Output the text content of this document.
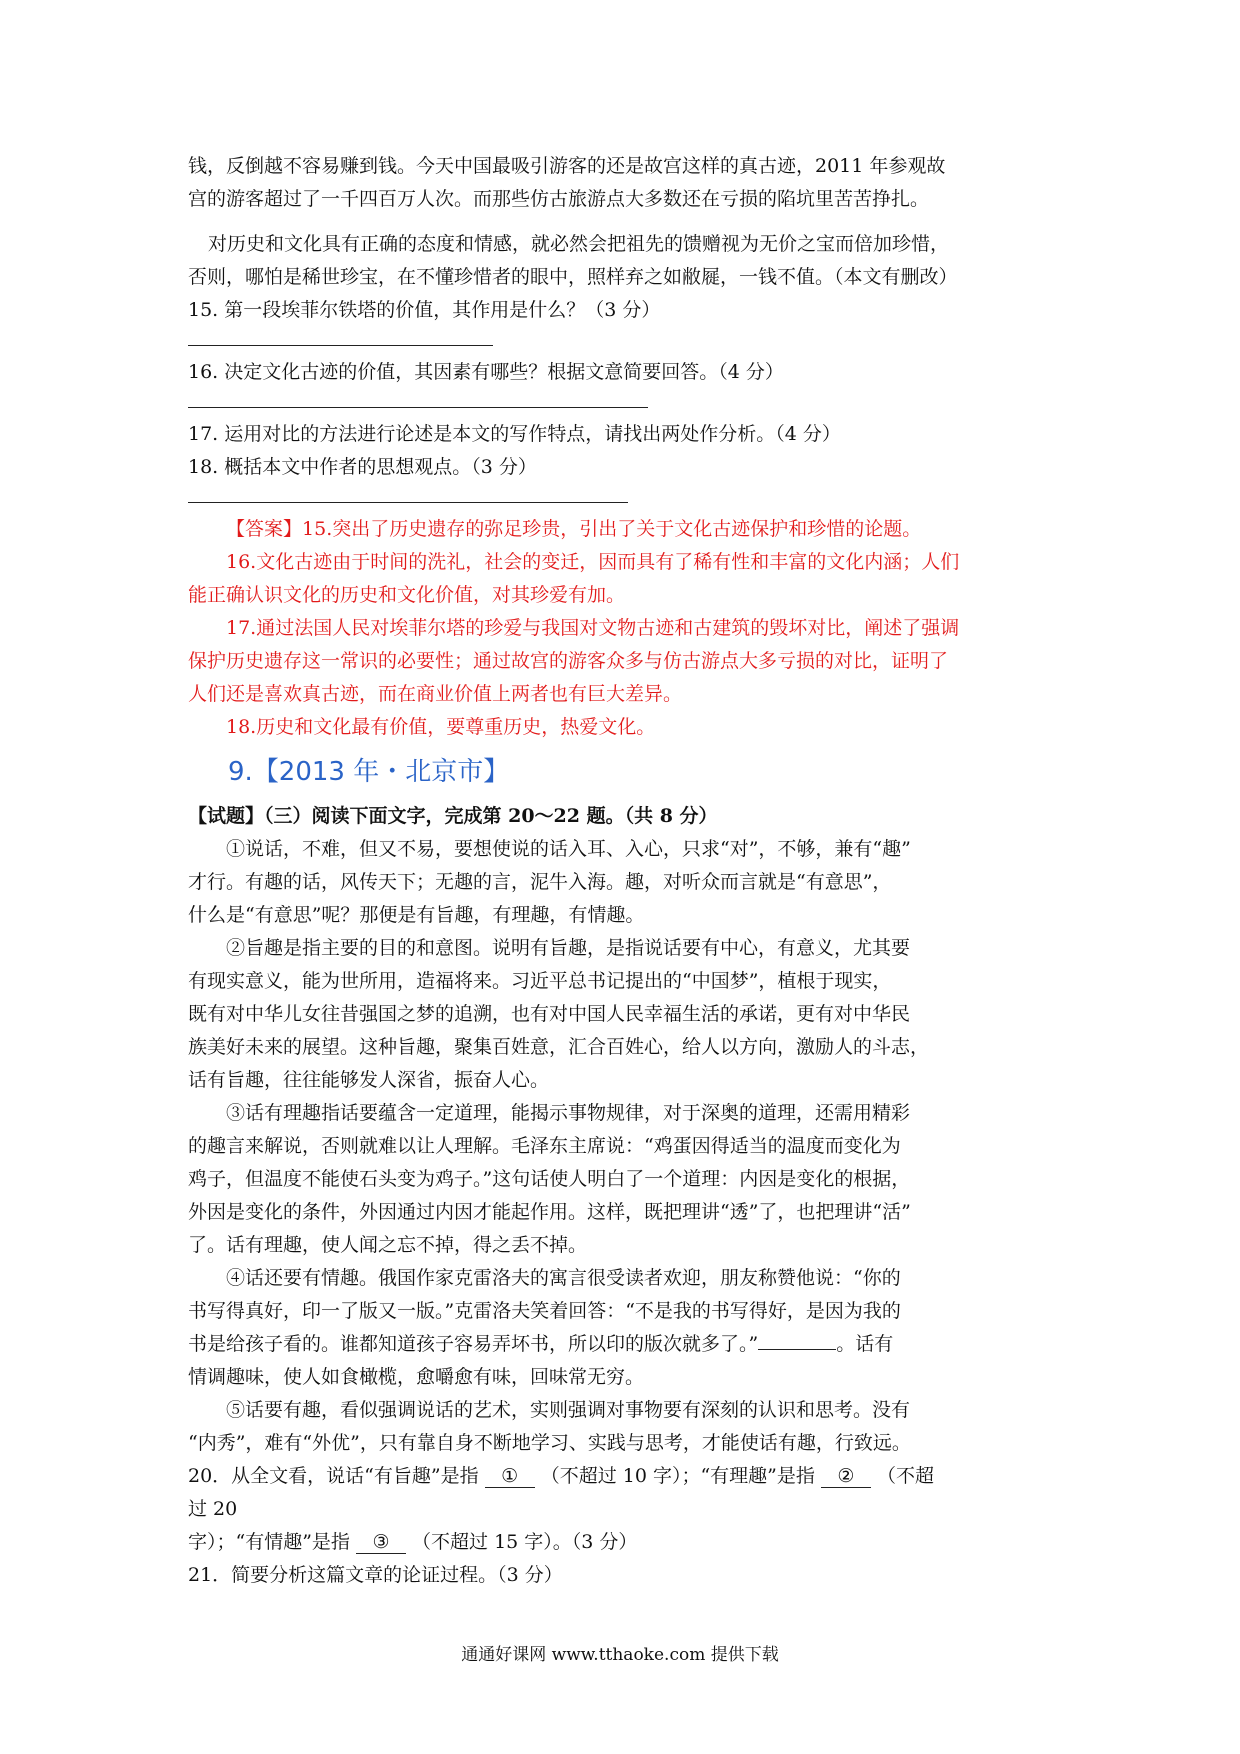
钱，反倒越不容易赚到钱。今天中国最吸引游客的还是故宫这样的真古迹，2011 年参观故
宫的游客超过了一千四百万人次。而那些仿古旅游点大多数还在亏损的陷坑里苦苦挣扎。
对历史和文化具有正确的态度和情感，就必然会把祖先的馈赠视为无价之宝而倍加珍惜，
否则，哪怕是稀世珍宝，在不懂珍惜者的眼中，照样弃之如敝屣，一钱不值。（本文有删改）
15. 第一段埃菲尔铁塔的价值，其作用是什么？（3 分）
16. 决定文化古迹的价值，其因素有哪些？根据文意简要回答。（4 分）
17. 运用对比的方法进行论述是本文的写作特点，请找出两处作分析。（4 分）
18. 概括本文中作者的思想观点。（3 分）
【答案】15.突出了历史遗存的弥足珍贵，引出了关于文化古迹保护和珍惜的论题。
16.文化古迹由于时间的洗礼，社会的变迁，因而具有了稀有性和丰富的文化内涵；人们
能正确认识文化的历史和文化价值，对其珍爱有加。
17.通过法国人民对埃菲尔塔的珍爱与我国对文物古迹和古建筑的毁坏对比，阐述了强调
保护历史遗存这一常识的必要性；通过故宫的游客众多与仿古游点大多亏损的对比，证明了
人们还是喜欢真古迹，而在商业价值上两者也有巨大差异。
18.历史和文化最有价值，要尊重历史，热爱文化。
9.【2013 年・北京市】
【试题】（三）阅读下面文字，完成第 20～22 题。（共 8 分）
①说话，不难，但又不易，要想使说的话入耳、入心，只求“对”，不够，兼有“趣”
才行。有趣的话，风传天下；无趣的言，泥牛入海。趣，对听众而言就是“有意思”，
什么是“有意思”呢？那便是有旨趣，有理趣，有情趣。
②旨趣是指主要的目的和意图。说明有旨趣，是指说话要有中心，有意义，尤其要
有现实意义，能为世所用，造福将来。习近平总书记提出的“中国梦”，植根于现实，
既有对中华儿女往昔强国之梦的追溯，也有对中国人民幸福生活的承诺，更有对中华民
族美好未来的展望。这种旨趣，聚集百姓意，汇合百姓心，给人以方向，激励人的斗志，
话有旨趣，往往能够发人深省，振奋人心。
③话有理趣指话要蕴含一定道理，能揭示事物规律，对于深奥的道理，还需用精彩
的趣言来解说，否则就难以让人理解。毛泽东主席说：“鸡蛋因得适当的温度而变化为
鸡子，但温度不能使石头变为鸡子。”这句话使人明白了一个道理：内因是变化的根据，
外因是变化的条件，外因通过内因才能起作用。这样，既把理讲“透”了，也把理讲“活”
了。话有理趣，使人闻之忘不掉，得之丢不掉。
④话还要有情趣。俄国作家克雷洛夫的寓言很受读者欢迎，朋友称赞他说：“你的
书写得真好，印一了版又一版。”克雷洛夫笑着回答：“不是我的书写得好，是因为我的
书是给孩子看的。谁都知道孩子容易弄坏书，所以印的版次就多了。”	。话有
情调趣味，使人如食橄榄，愈嚼愈有味，回味常无穷。
⑤话要有趣，看似强调说话的艺术，实则强调对事物要有深刻的认识和思考。没有
“内秀”，难有“外优”，只有靠自身不断地学习、实践与思考，才能使话有趣，行致远。
20．从全文看，说话“有旨趣”是指 ① （不超过 10 字）；“有理趣”是指 ② （不超
过 20
字）；“有情趣”是指 ③ （不超过 15 字）。（3 分）
21．简要分析这篇文章的论证过程。（3 分）
通通好课网 www.tthaoke.com 提供下载
